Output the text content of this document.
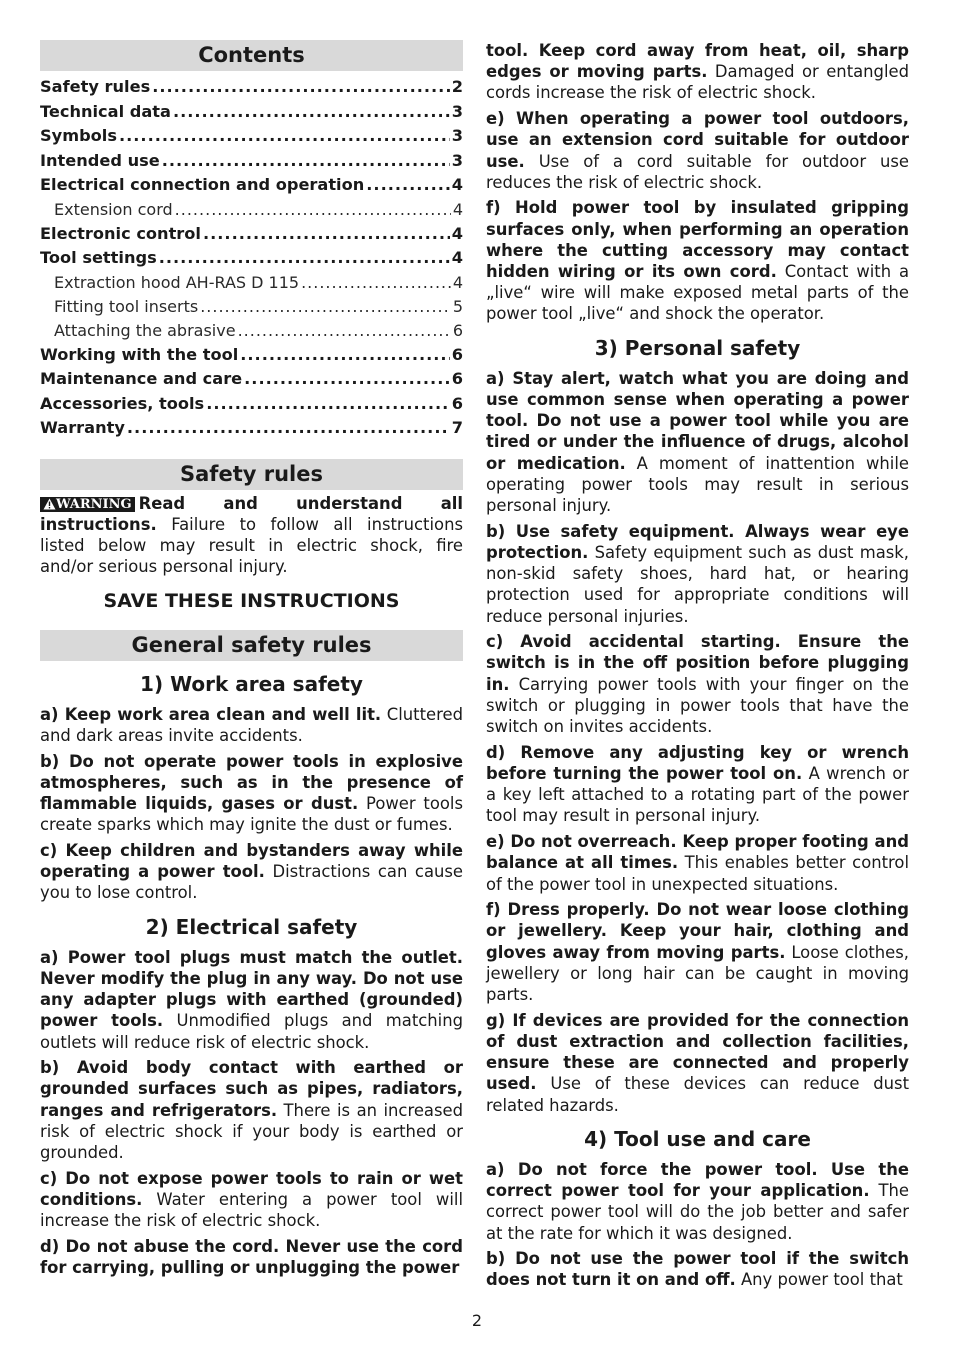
Contents
Safety rules .....	2
Technical data .....	3
Symbols .....	3
Intended use .....	3
Electrical connection and operation .....	4
Extension cord .....	4
Electronic control .....	4
Tool settings .....	4
Extraction hood AH-RAS D 115 .....	4
Fitting tool inserts .....	5
Attaching the abrasive .....	6
Working with the tool .....	6
Maintenance and care .....	6
Accessories, tools .....	6
Warranty .....	7
Safety rules

WARNING Read and understand all instructions. Failure to follow all instructions listed below may result in electric shock, fire and/or serious personal injury.

SAVE THESE INSTRUCTIONS
General safety rules
1) Work area safety

a) Keep work area clean and well lit. Cluttered and dark areas invite accidents.

b) Do not operate power tools in explosive atmospheres, such as in the presence of flammable liquids, gases or dust. Power tools create sparks which may ignite the dust or fumes.

c) Keep children and bystanders away while operating a power tool. Distractions can cause you to lose control.

2) Electrical safety

a) Power tool plugs must match the outlet. Never modify the plug in any way. Do not use any adapter plugs with earthed (grounded) power tools. Unmodified plugs and matching outlets will reduce risk of electric shock.

b) Avoid body contact with earthed or grounded surfaces such as pipes, radiators, ranges and refrigerators. There is an increased risk of electric shock if your body is earthed or grounded.

c) Do not expose power tools to rain or wet conditions. Water entering a power tool will increase the risk of electric shock.

d) Do not abuse the cord. Never use the cord for carrying, pulling or unplugging the power

tool. Keep cord away from heat, oil, sharp edges or moving parts. Damaged or entangled cords increase the risk of electric shock.

e) When operating a power tool outdoors, use an extension cord suitable for outdoor use. Use of a cord suitable for outdoor use reduces the risk of electric shock.

f) Hold power tool by insulated gripping surfaces only, when performing an operation where the cutting accessory may contact hidden wiring or its own cord. Contact with a „live“ wire will make exposed metal parts of the power tool „live“ and shock the operator.

3) Personal safety

a) Stay alert, watch what you are doing and use common sense when operating a power tool. Do not use a power tool while you are tired or under the influence of drugs, alcohol or medication. A moment of inattention while operating power tools may result in serious personal injury.

b) Use safety equipment. Always wear eye protection. Safety equipment such as dust mask, non-skid safety shoes, hard hat, or hearing protection used for appropriate conditions will reduce personal injuries.

c) Avoid accidental starting. Ensure the switch is in the off position before plugging in. Carrying power tools with your finger on the switch or plugging in power tools that have the switch on invites accidents.

d) Remove any adjusting key or wrench before turning the power tool on. A wrench or a key left attached to a rotating part of the power tool may result in personal injury.

e) Do not overreach. Keep proper footing and balance at all times. This enables better control of the power tool in unexpected situations.

f) Dress properly. Do not wear loose clothing or jewellery. Keep your hair, clothing and gloves away from moving parts. Loose clothes, jewellery or long hair can be caught in moving parts.

g) If devices are provided for the connection of dust extraction and collection facilities, ensure these are connected and properly used. Use of these devices can reduce dust related hazards.

4) Tool use and care

a) Do not force the power tool. Use the correct power tool for your application. The correct power tool will do the job better and safer at the rate for which it was designed.

b) Do not use the power tool if the switch does not turn it on and off. Any power tool that

2
